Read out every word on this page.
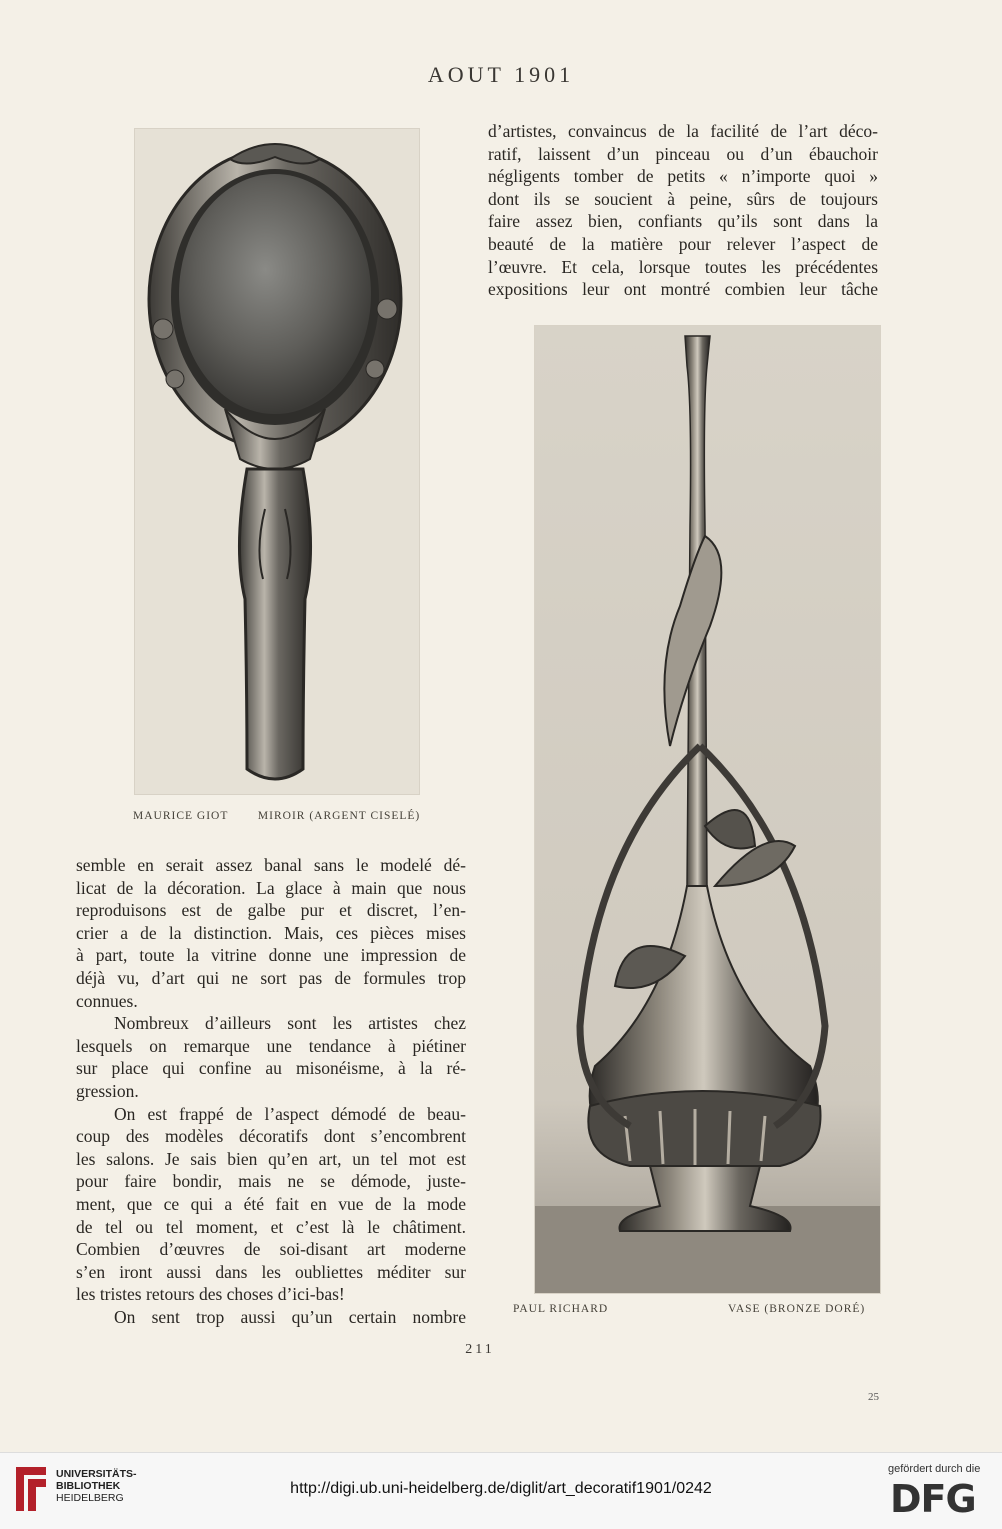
AOUT 1901
MAURICE GIOT	MIROIR (ARGENT CISELÉ)
d’artistes, convaincus de la facilité de l’art déco-
ratif, laissent d’un pinceau ou d’un ébauchoir
négligents tomber de petits « n’importe quoi »
dont ils se soucient à peine, sûrs de toujours
faire assez bien, confiants qu’ils sont dans la
beauté de la matière pour relever l’aspect de
l’œuvre. Et cela, lorsque toutes les précédentes
expositions leur ont montré combien leur tâche
PAUL RICHARD	VASE (BRONZE DORÉ)
semble en serait assez banal sans le modelé dé-
licat de la décoration. La glace à main que nous
reproduisons est de galbe pur et discret, l’en-
crier a de la distinction. Mais, ces pièces mises
à part, toute la vitrine donne une impression de
déjà vu, d’art qui ne sort pas de formules trop
connues.
Nombreux d’ailleurs sont les artistes chez
lesquels on remarque une tendance à piétiner
sur place qui confine au misonéisme, à la ré-
gression.
On est frappé de l’aspect démodé de beau-
coup des modèles décoratifs dont s’encombrent
les salons. Je sais bien qu’en art, un tel mot est
pour faire bondir, mais ne se démode, juste-
ment, que ce qui a été fait en vue de la mode
de tel ou tel moment, et c’est là le châtiment.
Combien d’œuvres de soi-disant art moderne
s’en iront aussi dans les oubliettes méditer sur
les tristes retours des choses d’ici-bas!
On sent trop aussi qu’un certain nombre
211
25
UNIVERSITÄTS-
BIBLIOTHEK
HEIDELBERG
http://digi.ub.uni-heidelberg.de/diglit/art_decoratif1901/0242
gefördert durch die
DFG
